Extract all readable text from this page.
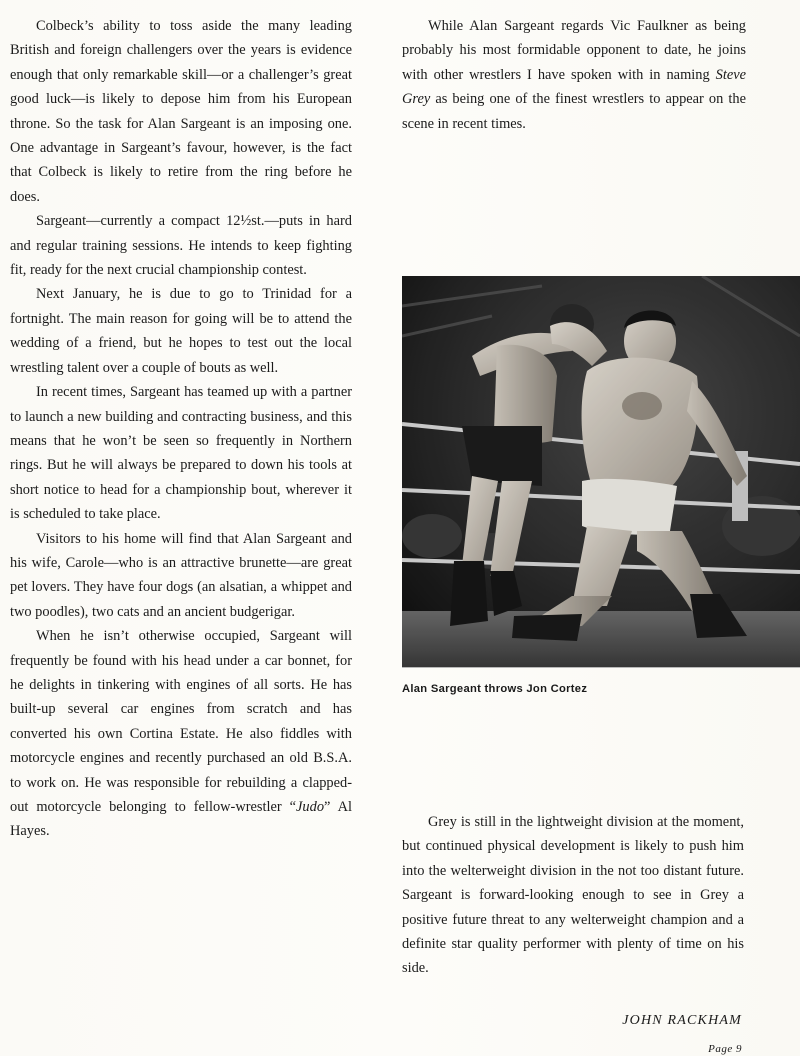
Colbeck’s ability to toss aside the many leading British and foreign challengers over the years is evidence enough that only remarkable skill—or a challenger’s great good luck—is likely to depose him from his European throne. So the task for Alan Sargeant is an imposing one. One advantage in Sargeant’s favour, however, is the fact that Colbeck is likely to retire from the ring before he does.

Sargeant—currently a compact 12½st.—puts in hard and regular training sessions. He intends to keep fighting fit, ready for the next crucial championship contest.

Next January, he is due to go to Trinidad for a fortnight. The main reason for going will be to attend the wedding of a friend, but he hopes to test out the local wrestling talent over a couple of bouts as well.

In recent times, Sargeant has teamed up with a partner to launch a new building and contracting business, and this means that he won’t be seen so frequently in Northern rings. But he will always be prepared to down his tools at short notice to head for a championship bout, wherever it is scheduled to take place.

Visitors to his home will find that Alan Sargeant and his wife, Carole—who is an attractive brunette—are great pet lovers. They have four dogs (an alsatian, a whippet and two poodles), two cats and an ancient budgerigar.

When he isn’t otherwise occupied, Sargeant will frequently be found with his head under a car bonnet, for he delights in tinkering with engines of all sorts. He has built-up several car engines from scratch and has converted his own Cortina Estate. He also fiddles with motorcycle engines and recently purchased an old B.S.A. to work on. He was responsible for rebuilding a clapped-out motorcycle belonging to fellow-wrestler “Judo” Al Hayes.

While Alan Sargeant regards Vic Faulkner as being probably his most formidable opponent to date, he joins with other wrestlers I have spoken with in naming Steve Grey as being one of the finest wrestlers to appear on the scene in recent times.

Alan Sargeant throws Jon Cortez

Grey is still in the lightweight division at the moment, but continued physical development is likely to push him into the welterweight division in the not too distant future. Sargeant is forward-looking enough to see in Grey a positive future threat to any welterweight champion and a definite star quality performer with plenty of time on his side.

JOHN RACKHAM
Page 9
